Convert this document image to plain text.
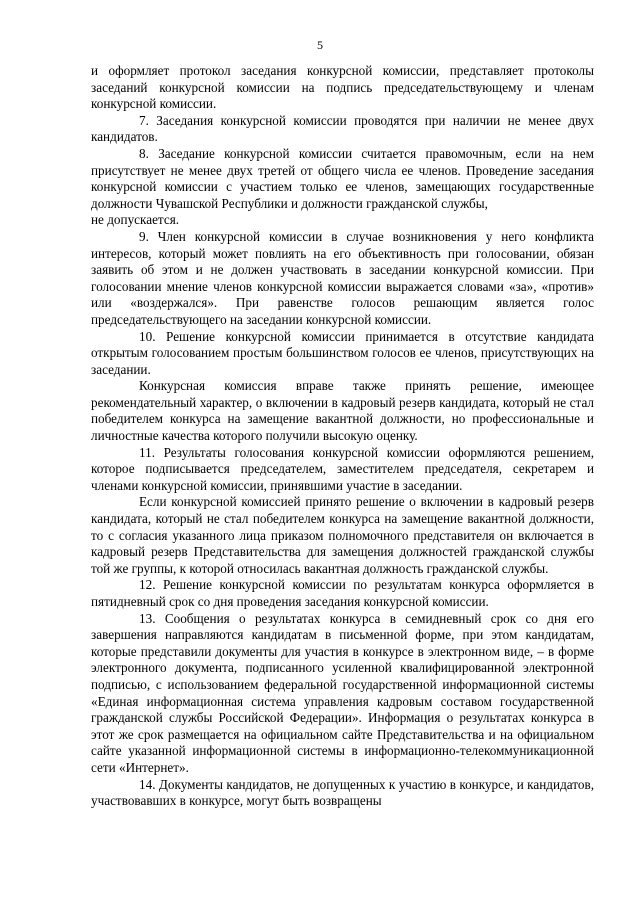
5

и оформляет протокол заседания конкурсной комиссии, представляет протоколы заседаний конкурсной комиссии на подпись председательствующему и членам конкурсной комиссии.

7. Заседания конкурсной комиссии проводятся при наличии не менее двух кандидатов.

8. Заседание конкурсной комиссии считается правомочным, если на нем присутствует не менее двух третей от общего числа ее членов. Проведение заседания конкурсной комиссии с участием только ее членов, замещающих государственные должности Чувашской Республики и должности гражданской службы,

не допускается.

9. Член конкурсной комиссии в случае возникновения у него конфликта интересов, который может повлиять на его объективность при голосовании, обязан заявить об этом и не должен участвовать в заседании конкурсной комиссии. При голосовании мнение членов конкурсной комиссии выражается словами «за», «против» или «воздержался». При равенстве голосов решающим является голос председательствующего на заседании конкурсной комиссии.

10. Решение конкурсной комиссии принимается в отсутствие кандидата открытым голосованием простым большинством голосов ее членов, присутствующих на заседании.

Конкурсная комиссия вправе также принять решение, имеющее рекомендательный характер, о включении в кадровый резерв кандидата, который не стал победителем конкурса на замещение вакантной должности, но профессиональные и личностные качества которого получили высокую оценку.

11. Результаты голосования конкурсной комиссии оформляются решением, которое подписывается председателем, заместителем председателя, секретарем и членами конкурсной комиссии, принявшими участие в заседании.

Если конкурсной комиссией принято решение о включении в кадровый резерв кандидата, который не стал победителем конкурса на замещение вакантной должности, то с согласия указанного лица приказом полномочного представителя он включается в кадровый резерв Представительства для замещения должностей гражданской службы той же группы, к которой относилась вакантная должность гражданской службы.

12. Решение конкурсной комиссии по результатам конкурса оформляется в пятидневный срок со дня проведения заседания конкурсной комиссии.

13. Сообщения о результатах конкурса в семидневный срок со дня его завершения направляются кандидатам в письменной форме, при этом кандидатам, которые представили документы для участия в конкурсе в электронном виде, – в форме электронного документа, подписанного усиленной квалифицированной электронной подписью, с использованием федеральной государственной информационной системы «Единая информационная система управления кадровым составом государственной гражданской службы Российской Федерации». Информация о результатах конкурса в этот же срок размещается на официальном сайте Представительства и на официальном сайте указанной информационной системы в информационно-телекоммуникационной сети «Интернет».

14. Документы кандидатов, не допущенных к участию в конкурсе, и кандидатов, участвовавших в конкурсе, могут быть возвращены
